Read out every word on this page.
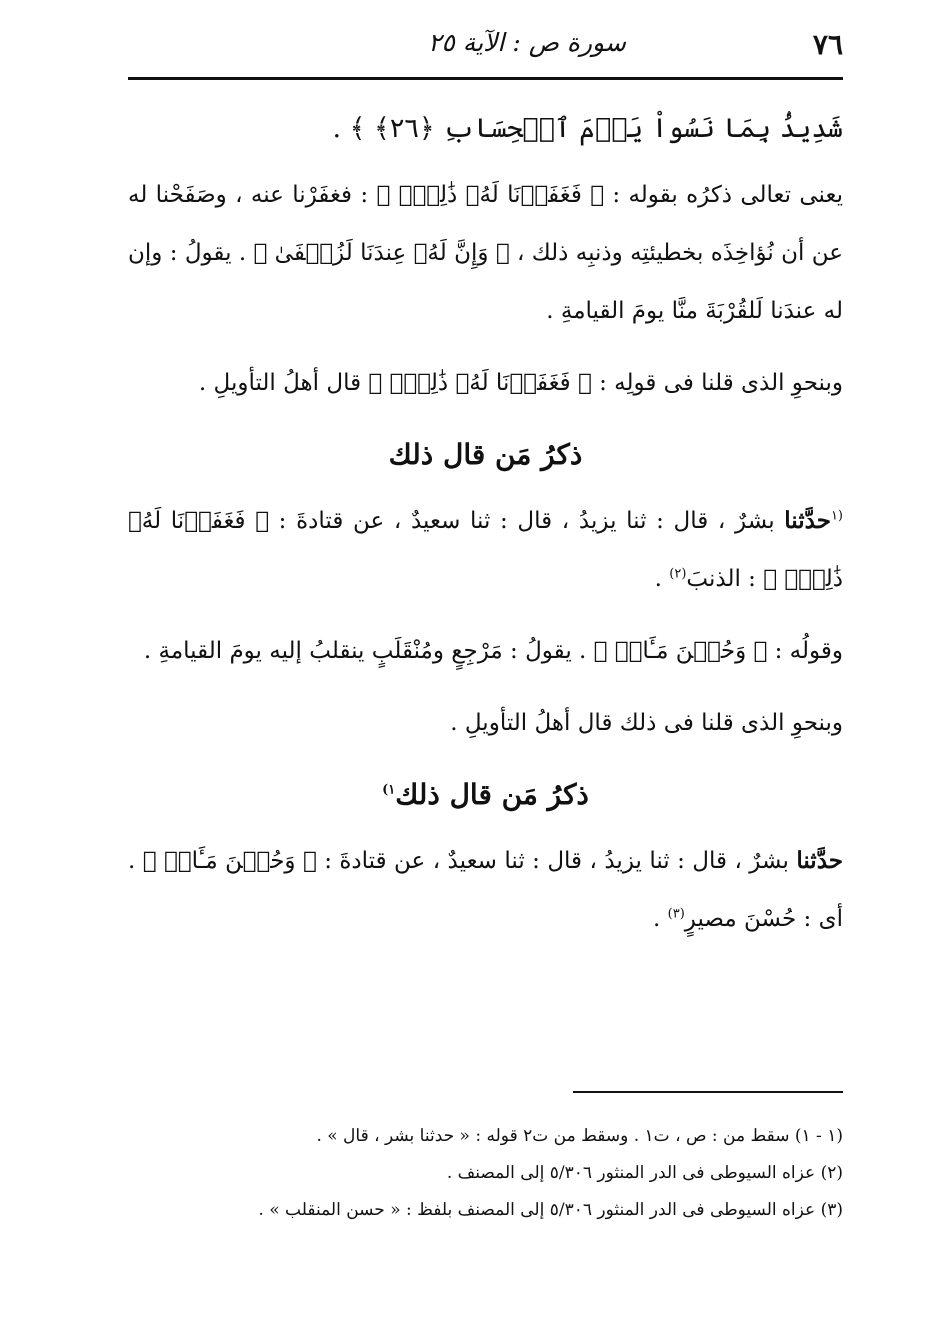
٧٦
سورة ص : الآية ٢٥

شَدِيدُۢ بِمَا نَسُواْ يَوۡمَ ٱلۡحِسَابِ ﴿٢٦﴾ ﴾ .

يعنى تعالى ذكرُه بقوله : ﴿ فَغَفَرۡنَا لَهُۥ ذَٰلِكَۗ ﴾ : فغفَرْنا عنه ، وصَفَحْنا له عن أن نُؤاخِذَه بخطيئتِه وذنبِه ذلك ، ﴿ وَإِنَّ لَهُۥ عِندَنَا لَزُلۡفَىٰ ﴾ . يقولُ : وإن له عندَنا لَلقُرْبَةَ منَّا يومَ القيامةِ .

وبنحوِ الذى قلنا فى قولِه : ﴿ فَغَفَرۡنَا لَهُۥ ذَٰلِكَۗ ﴾ قال أهلُ التأويلِ .

ذكرُ مَن قال ذلك

$^{(١}$حدَّثنا بشرٌ ، قال : ثنا يزيدُ ، قال : ثنا سعيدٌ ، عن قتادةَ : ﴿ فَغَفَرۡنَا لَهُۥ ذَٰلِكَۗ ﴾ : الذنبَ$^{(٢)}$ .

وقولُه : ﴿ وَحُسۡنَ مَـَٔابٖ ﴾ . يقولُ : مَرْجِعٍ ومُنْقَلَبٍ ينقلبُ إليه يومَ القيامةِ .

وبنحوِ الذى قلنا فى ذلك قال أهلُ التأويلِ .

ذكرُ مَن قال ذلك$^{١)}$

حدَّثنا بشرٌ ، قال : ثنا يزيدُ ، قال : ثنا سعيدٌ ، عن قتادةَ : ﴿ وَحُسۡنَ مَـَٔابٖ ﴾ . أى : حُسْنَ مصيرٍ$^{(٣)}$ .

(١ - ١) سقط من : ص ، ت١ . وسقط من ت٢ قوله : « حدثنا بشر ، قال » .

(٢) عزاه السيوطى فى الدر المنثور ٥/٣٠٦ إلى المصنف .

(٣) عزاه السيوطى فى الدر المنثور ٥/٣٠٦ إلى المصنف بلفظ : « حسن المنقلب » .
